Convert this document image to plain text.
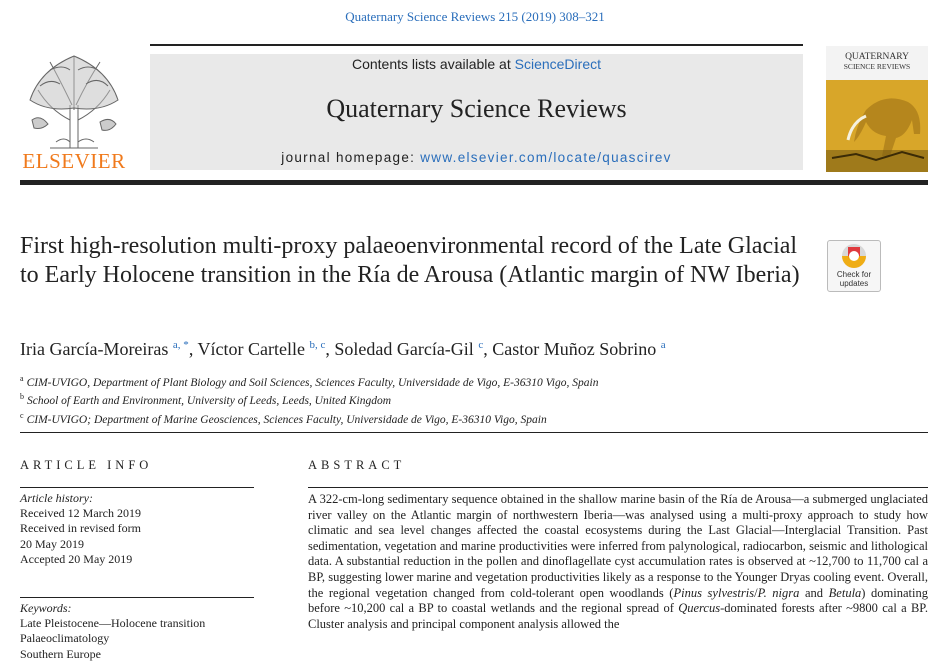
Quaternary Science Reviews 215 (2019) 308–321
ELSEVIER
Contents lists available at ScienceDirect
Quaternary Science Reviews
journal homepage: www.elsevier.com/locate/quascirev
QUATERNARY
SCIENCE REVIEWS
First high-resolution multi-proxy palaeoenvironmental record of the Late Glacial to Early Holocene transition in the Ría de Arousa (Atlantic margin of NW Iberia)	Check for
updates
Iria García-Moreiras $^{a, *}$, Víctor Cartelle $^{b, c}$, Soledad García-Gil $^c$, Castor Muñoz Sobrino $^a$
$^a$ CIM-UVIGO, Department of Plant Biology and Soil Sciences, Sciences Faculty, Universidade de Vigo, E-36310 Vigo, Spain
$^b$ School of Earth and Environment, University of Leeds, Leeds, United Kingdom
$^c$ CIM-UVIGO; Department of Marine Geosciences, Sciences Faculty, Universidade de Vigo, E-36310 Vigo, Spain
ARTICLE INFO	ABSTRACT
Article history:
Received 12 March 2019
Received in revised form
20 May 2019
Accepted 20 May 2019
Keywords:
Late Pleistocene—Holocene transition
Palaeoclimatology
Southern Europe
A 322-cm-long sedimentary sequence obtained in the shallow marine basin of the Ría de Arousa—a submerged unglaciated river valley on the Atlantic margin of northwestern Iberia—was analysed using a multi-proxy approach to study how climatic and sea level changes affected the coastal ecosystems during the Last Glacial—Interglacial Transition. Past sedimentation, vegetation and marine productivities were inferred from palynological, radiocarbon, seismic and lithological data. A substantial reduction in the pollen and dinoflagellate cyst accumulation rates is observed at ~12,700 to 11,700 cal a BP, suggesting lower marine and vegetation productivities likely as a response to the Younger Dryas cooling event. Overall, the regional vegetation changed from cold-tolerant open woodlands (Pinus sylvestris/P. nigra and Betula) dominating before ~10,200 cal a BP to coastal wetlands and the regional spread of Quercus-dominated forests after ~9800 cal a BP. Cluster analysis and principal component analysis allowed the
